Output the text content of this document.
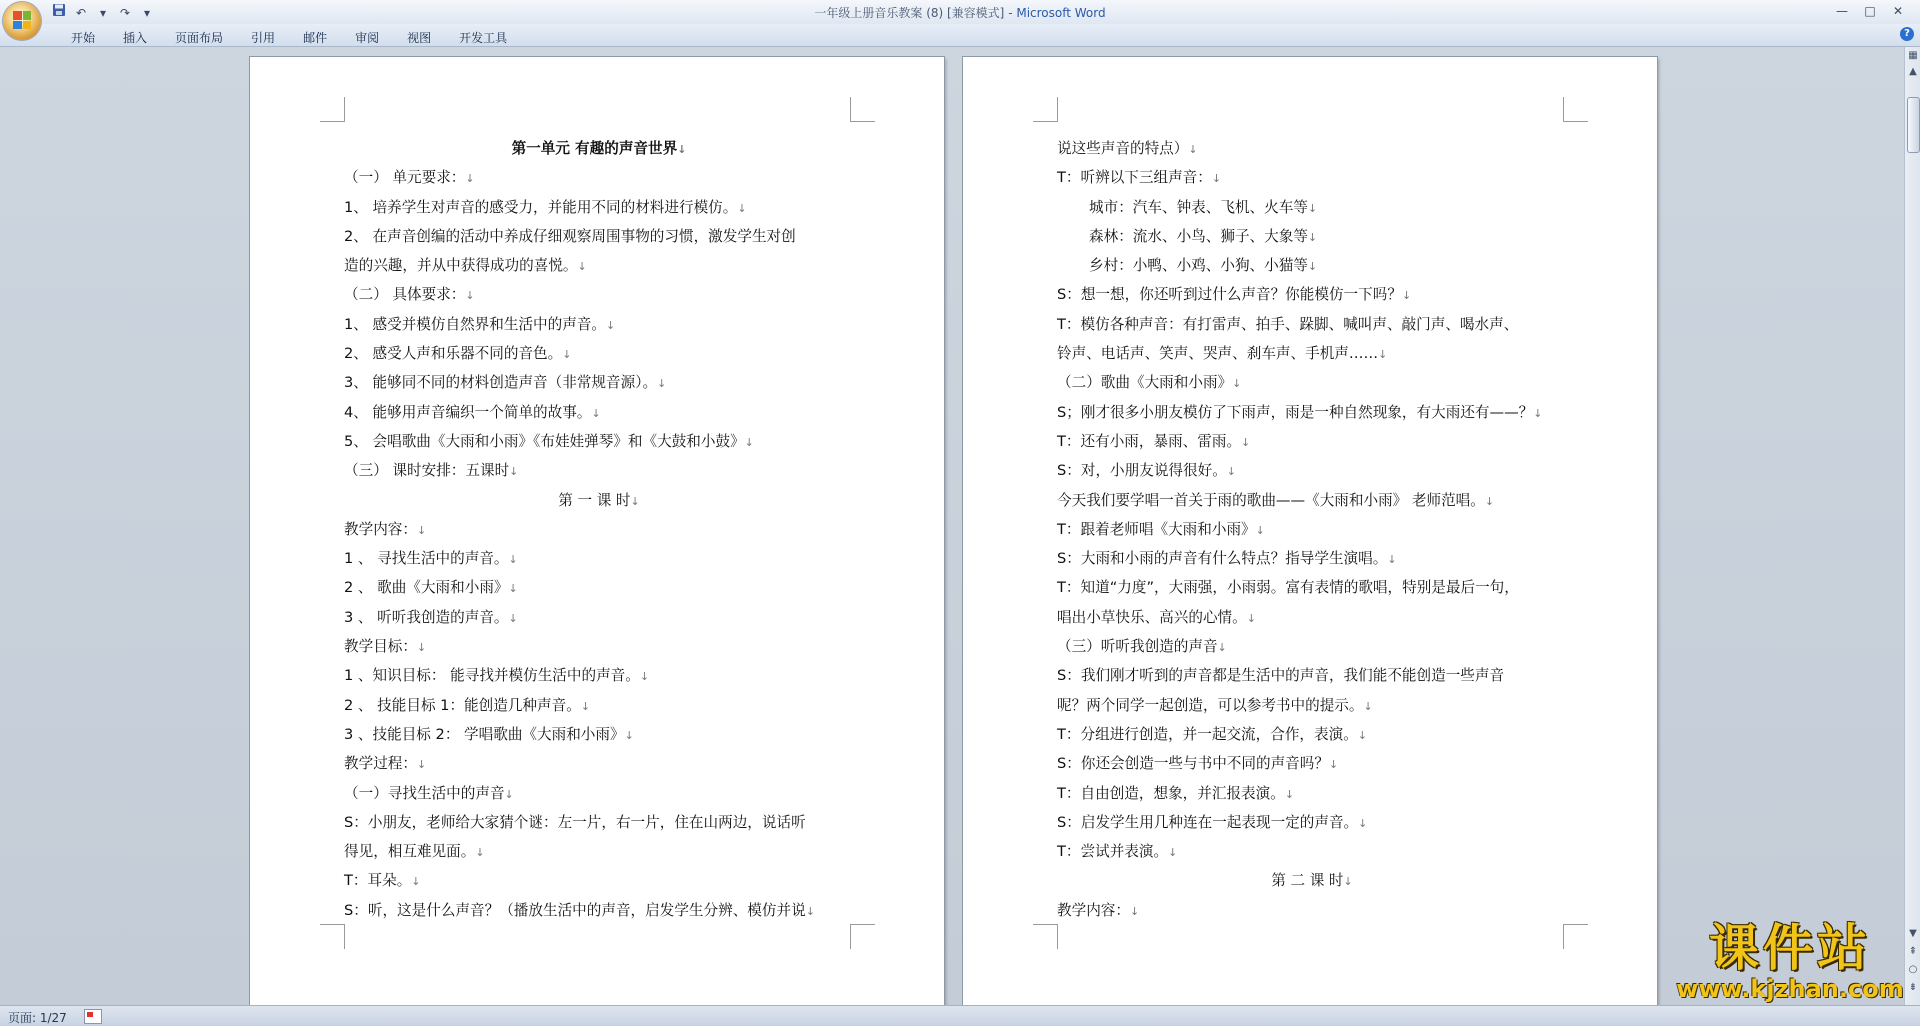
↶	▾	↷	▾	一年级上册音乐教案 (8) [兼容模式] - Microsoft Word	—	□	✕
开始	插入	页面布局	引用	邮件	审阅	视图	开发工具	?
第一单元 有趣的声音世界↓
（一） 单元要求：↓
1、 培养学生对声音的感受力，并能用不同的材料进行模仿。↓
2、 在声音创编的活动中养成仔细观察周围事物的习惯，激发学生对创
造的兴趣，并从中获得成功的喜悦。↓
（二） 具体要求：↓
1、 感受并模仿自然界和生活中的声音。↓
2、 感受人声和乐器不同的音色。↓
3、 能够同不同的材料创造声音（非常规音源）。↓
4、 能够用声音编织一个简单的故事。↓
5、 会唱歌曲《大雨和小雨》《布娃娃弹琴》和《大鼓和小鼓》↓
（三） 课时安排：五课时↓
第 一 课 时↓
教学内容：↓
1 、 寻找生活中的声音。↓
2 、 歌曲《大雨和小雨》↓
3 、 听听我创造的声音。↓
教学目标：↓
1 、知识目标： 能寻找并模仿生活中的声音。↓
2 、 技能目标 1：能创造几种声音。↓
3 、技能目标 2： 学唱歌曲《大雨和小雨》↓
教学过程：↓
（一）寻找生活中的声音↓
S：小朋友，老师给大家猜个谜：左一片，右一片，住在山两边，说话听
得见，相互难见面。↓
T：耳朵。↓
S：听，这是什么声音？（播放生活中的声音，启发学生分辨、模仿并说↓
说这些声音的特点）↓
T：听辨以下三组声音：↓
城市：汽车、钟表、飞机、火车等↓
森林：流水、小鸟、狮子、大象等↓
乡村：小鸭、小鸡、小狗、小猫等↓
S：想一想，你还听到过什么声音？你能模仿一下吗？↓
T：模仿各种声音：有打雷声、拍手、跺脚、喊叫声、敲门声、喝水声、
铃声、电话声、笑声、哭声、刹车声、手机声……↓
（二）歌曲《大雨和小雨》↓
S；刚才很多小朋友模仿了下雨声，雨是一种自然现象，有大雨还有——？↓
T：还有小雨，暴雨、雷雨。↓
S：对，小朋友说得很好。↓
今天我们要学唱一首关于雨的歌曲——《大雨和小雨》 老师范唱。↓
T：跟着老师唱《大雨和小雨》↓
S：大雨和小雨的声音有什么特点？指导学生演唱。↓
T：知道“力度”，大雨强，小雨弱。富有表情的歌唱，特别是最后一句，
唱出小草快乐、高兴的心情。↓
（三）听听我创造的声音↓
S：我们刚才听到的声音都是生活中的声音，我们能不能创造一些声音
呢？两个同学一起创造，可以参考书中的提示。↓
T：分组进行创造，并一起交流，合作，表演。↓
S：你还会创造一些与书中不同的声音吗？↓
T：自由创造，想象，并汇报表演。↓
S：启发学生用几种连在一起表现一定的声音。↓
T：尝试并表演。↓
第 二 课 时↓
教学内容：↓
▦
▲
▼
⇞
○
⇟
页面: 1/27
课件站
www.kjzhan.com
